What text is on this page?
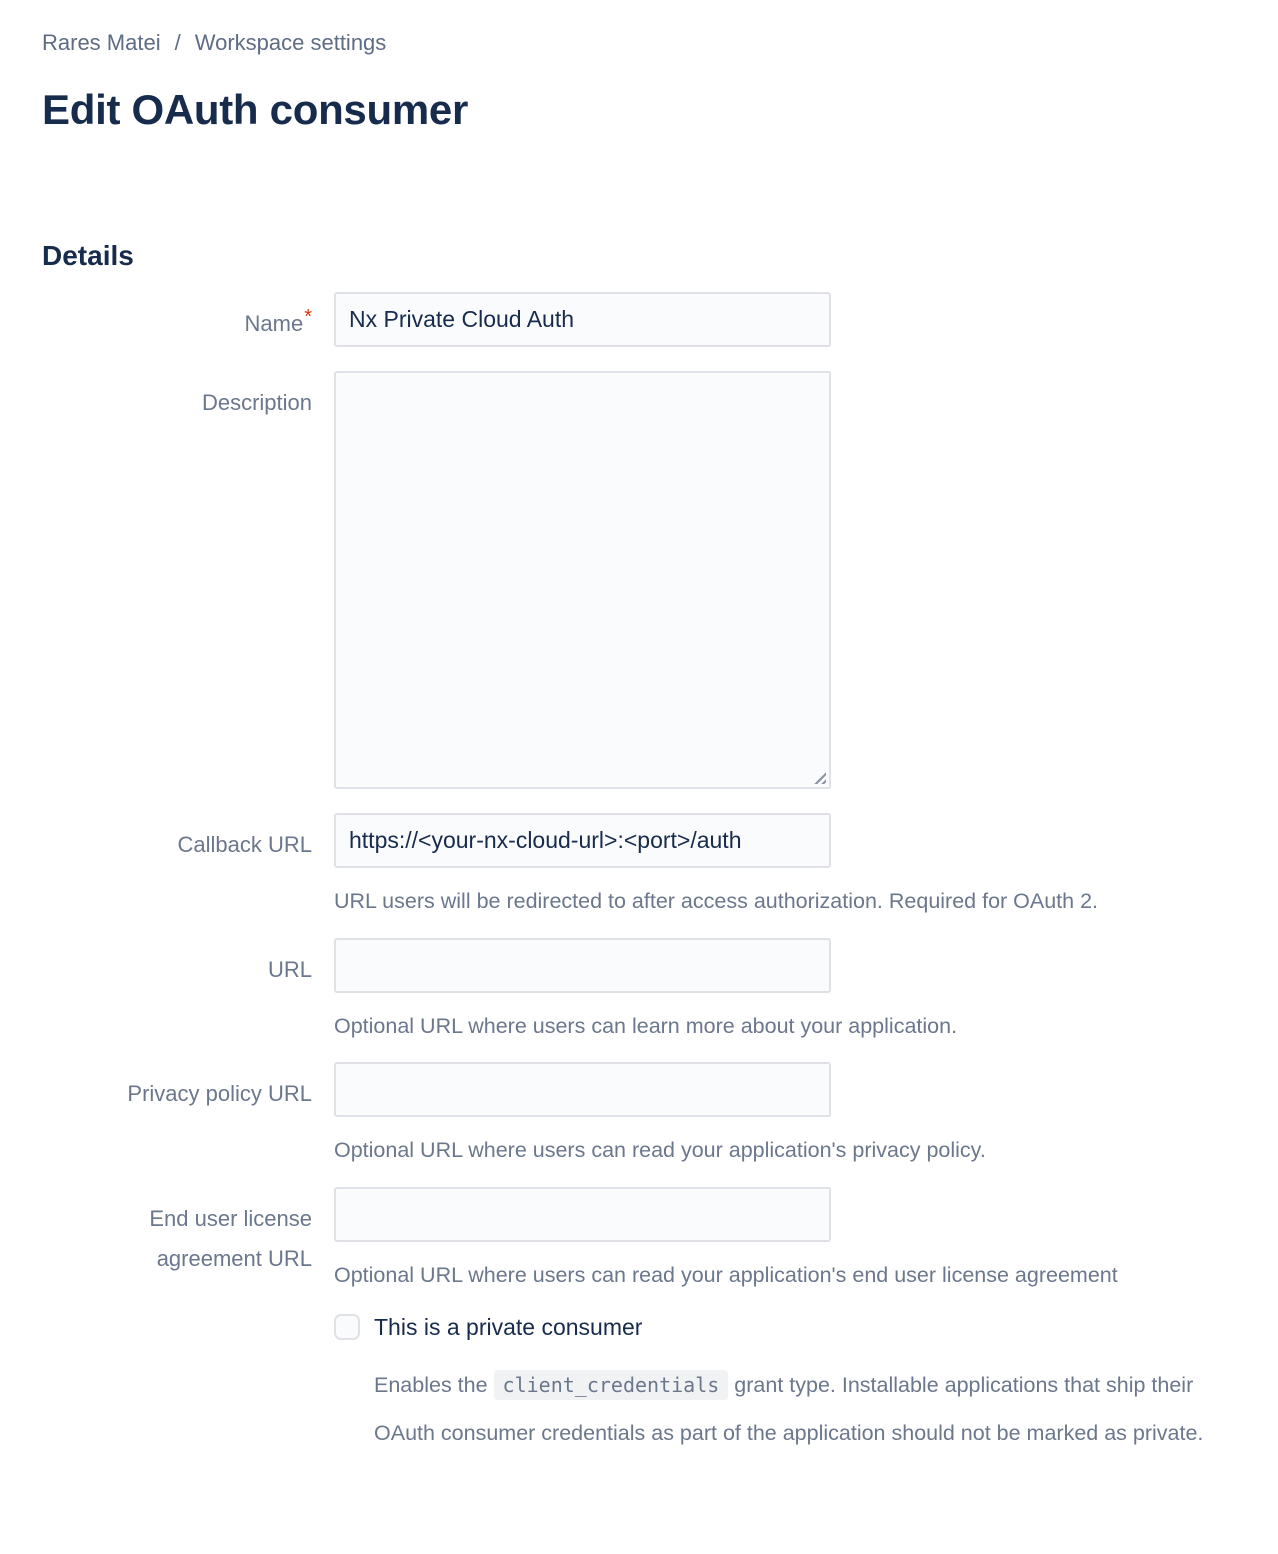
Rares Matei / Workspace settings
Edit OAuth consumer
Details
Name*
Nx Private Cloud Auth
Description
Callback URL
https://<your-nx-cloud-url>:<port>/auth
URL users will be redirected to after access authorization. Required for OAuth 2.
URL
Optional URL where users can learn more about your application.
Privacy policy URL
Optional URL where users can read your application's privacy policy.
End user license agreement URL
Optional URL where users can read your application's end user license agreement
This is a private consumer

Enables the client_credentials grant type. Installable applications that ship their OAuth consumer credentials as part of the application should not be marked as private.
